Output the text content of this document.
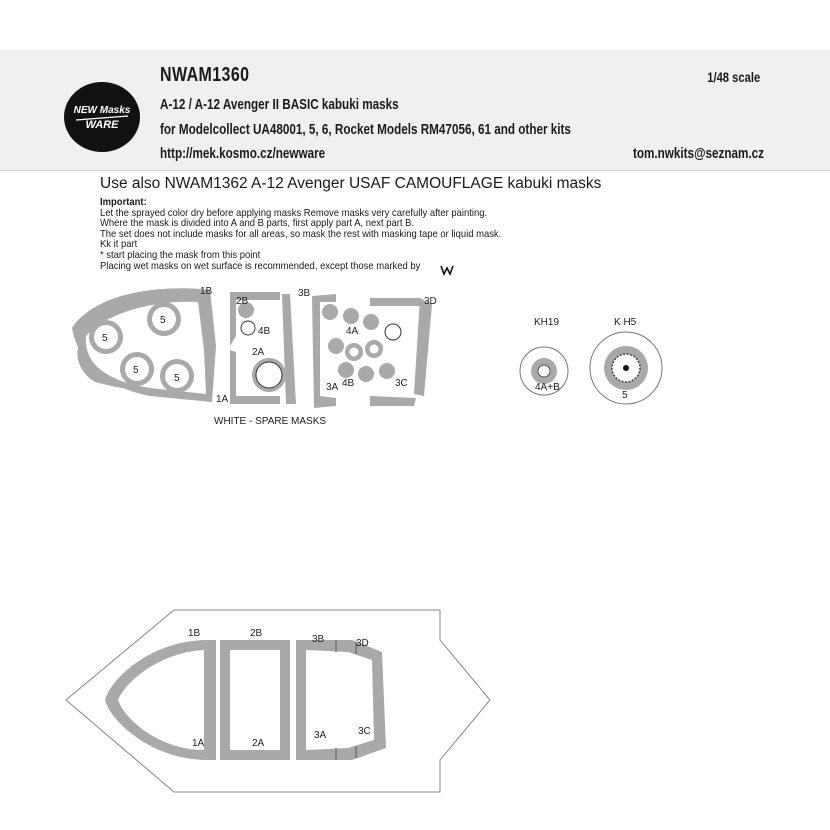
NEW Masks
WARE
NWAM1360	1/48 scale
A-12 / A-12 Avenger II BASIC kabuki masks
for Modelcollect UA48001, 5, 6, Rocket Models RM47056, 61 and other kits
http://mek.kosmo.cz/newware	tom.nwkits@seznam.cz
Use also NWAM1362 A-12 Avenger USAF CAMOUFLAGE kabuki masks
Important:
Let the sprayed color dry before applying masks Remove masks very carefully after painting.
Where the mask is divided into A and B parts, first apply part A, next part B.
The set does not include masks for all areas, so mask the rest with masking tape or liquid mask.
Kk it part
* start placing the mask from this point
Placing wet masks on wet surface is recommended, except those marked by
1B
1A
2B
4B
2A
3B
3D
4A
3A 4B	3C
5
5
5
5
KH19
4A+B
K H5
5
1B	2B
3B	3D
1A	2A
3A	3C
WHITE - SPARE MASKS
